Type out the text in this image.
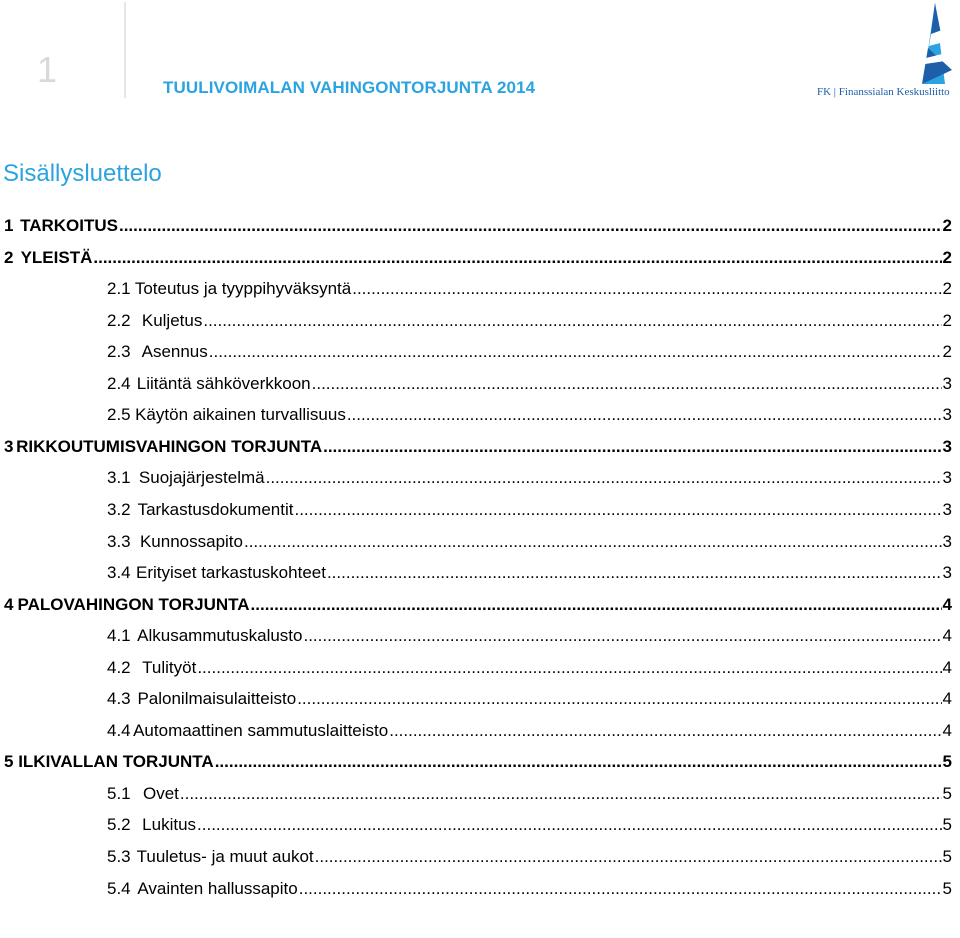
1	TUULIVOIMALAN VAHINGONTORJUNTA 2014	FK | Finanssialan Keskusliitto
Sisällysluettelo
1 TARKOITUS .....	2
2 YLEISTÄ .....	2
2.1 Toteutus ja tyyppihyväksyntä .....	2
2.2 Kuljetus .....	2
2.3 Asennus .....	2
2.4 Liitäntä sähköverkkoon .....	3
2.5 Käytön aikainen turvallisuus .....	3
3 RIKKOUTUMISVAHINGON TORJUNTA .....	3
3.1 Suojajärjestelmä .....	3
3.2 Tarkastusdokumentit .....	3
3.3 Kunnossapito .....	3
3.4 Erityiset tarkastuskohteet .....	3
4 PALOVAHINGON TORJUNTA .....	4
4.1 Alkusammutuskalusto .....	4
4.2 Tulityöt .....	4
4.3 Palonilmaisulaitteisto .....	4
4.4 Automaattinen sammutuslaitteisto .....	4
5 ILKIVALLAN TORJUNTA .....	5
5.1 Ovet .....	5
5.2 Lukitus .....	5
5.3 Tuuletus- ja muut aukot .....	5
5.4 Avainten hallussapito .....	5
